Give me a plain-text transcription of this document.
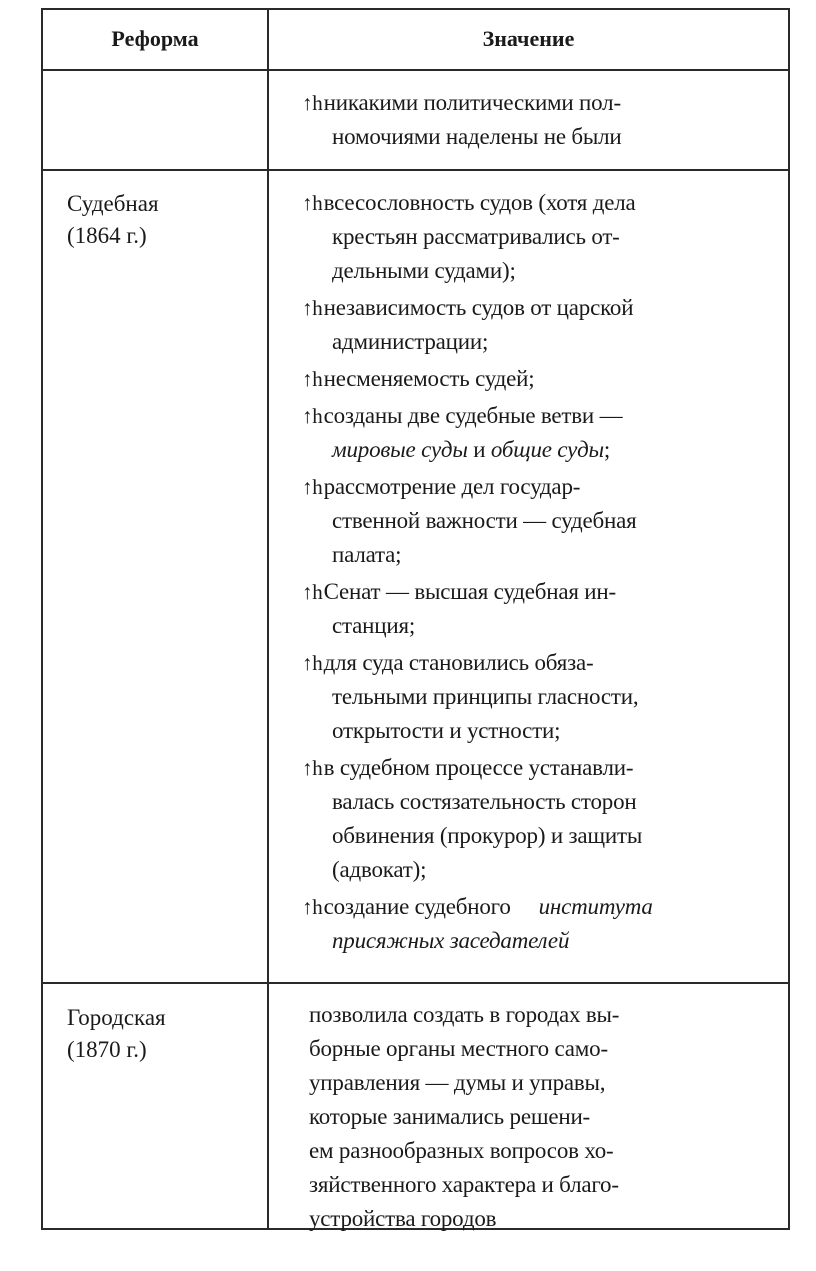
Реформа	Значение
↑hникакими политическими пол-
номочиями наделены не были
Судебная
(1864 г.)
↑hвсесословность судов (хотя дела
крестьян рассматривались от-
дельными судами);
↑hнезависимость судов от царской
администрации;
↑hнесменяемость судей;
↑hсозданы две судебные ветви —
мировые суды и общие суды;
↑hрассмотрение дел государ-
ственной важности — судебная
палата;
↑hСенат — высшая судебная ин-
станция;
↑hдля суда становились обяза-
тельными принципы гласности,
открытости и устности;
↑hв судебном процессе устанавли-
валась состязательность сторон
обвинения (прокурор) и защиты
(адвокат);
↑hсоздание судебного института
присяжных заседателей
Городская
(1870 г.)
позволила создать в городах вы-
борные органы местного само-
управления — думы и управы,
которые занимались решени-
ем разнообразных вопросов хо-
зяйственного характера и благо-
устройства городов
